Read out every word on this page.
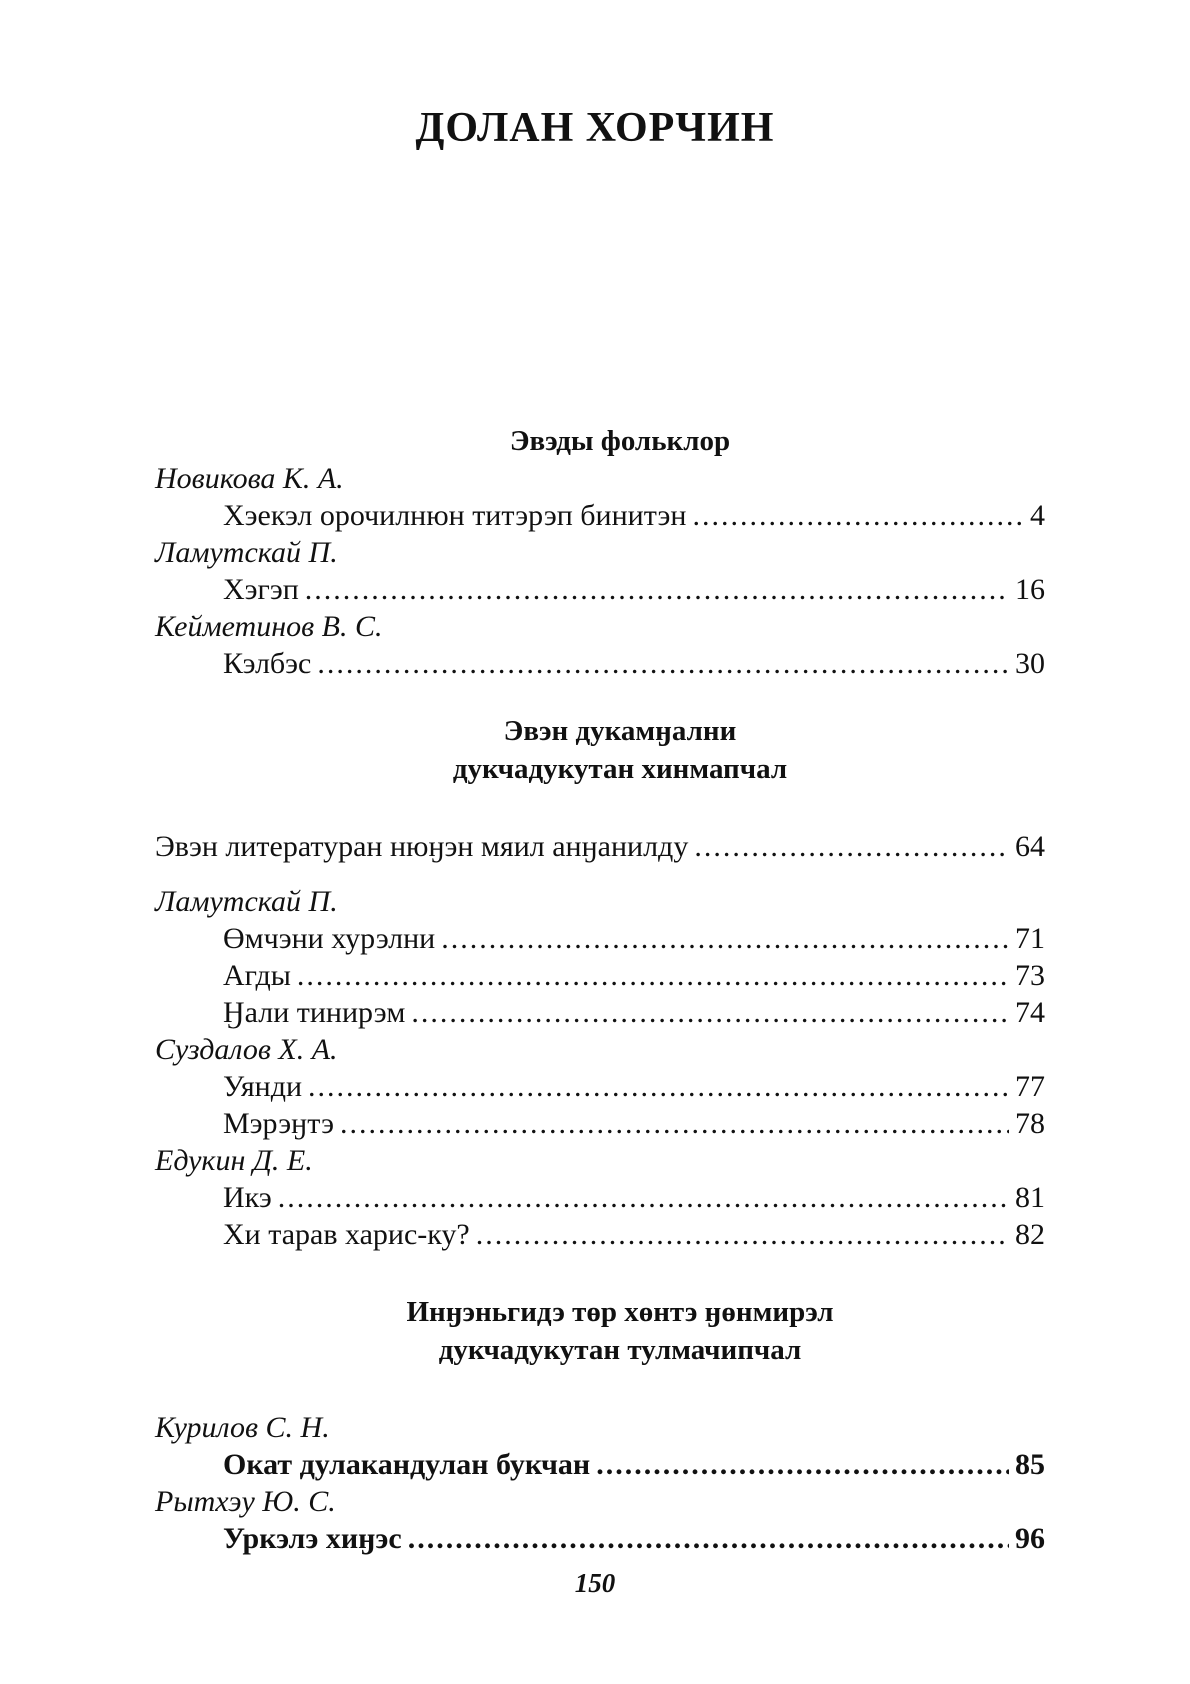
ДОЛАН ХОРЧИН
Эвэды фольклор
Новикова К. А.
Хэекэл орочилнюн титэрэп бинитэн .....	4
Ламутскай П.
Хэгэп .....	16
Кейметинов В. С.
Кэлбэс .....	30
Эвэн дукамӈални
дукчадукутан хинмапчал
Эвэн литературан нюӈэн мяил анӈанилду .....	64
Ламутскай П.
Өмчэни хурэлни .....	71
Агды .....	73
Ӈали тинирэм .....	74
Суздалов Х. А.
Уянди .....	77
Мэрэӈтэ .....	78
Едукин Д. Е.
Икэ .....	81
Хи тарав харис-ку? .....	82
Инӈэньгидэ төр хөнтэ ӈөнмирэл
дукчадукутан тулмачипчал
Курилов С. Н.
Окат дулакандулан букчан .....	85
Рытхэу Ю. С.
Уркэлэ хиӈэс .....	96
150
